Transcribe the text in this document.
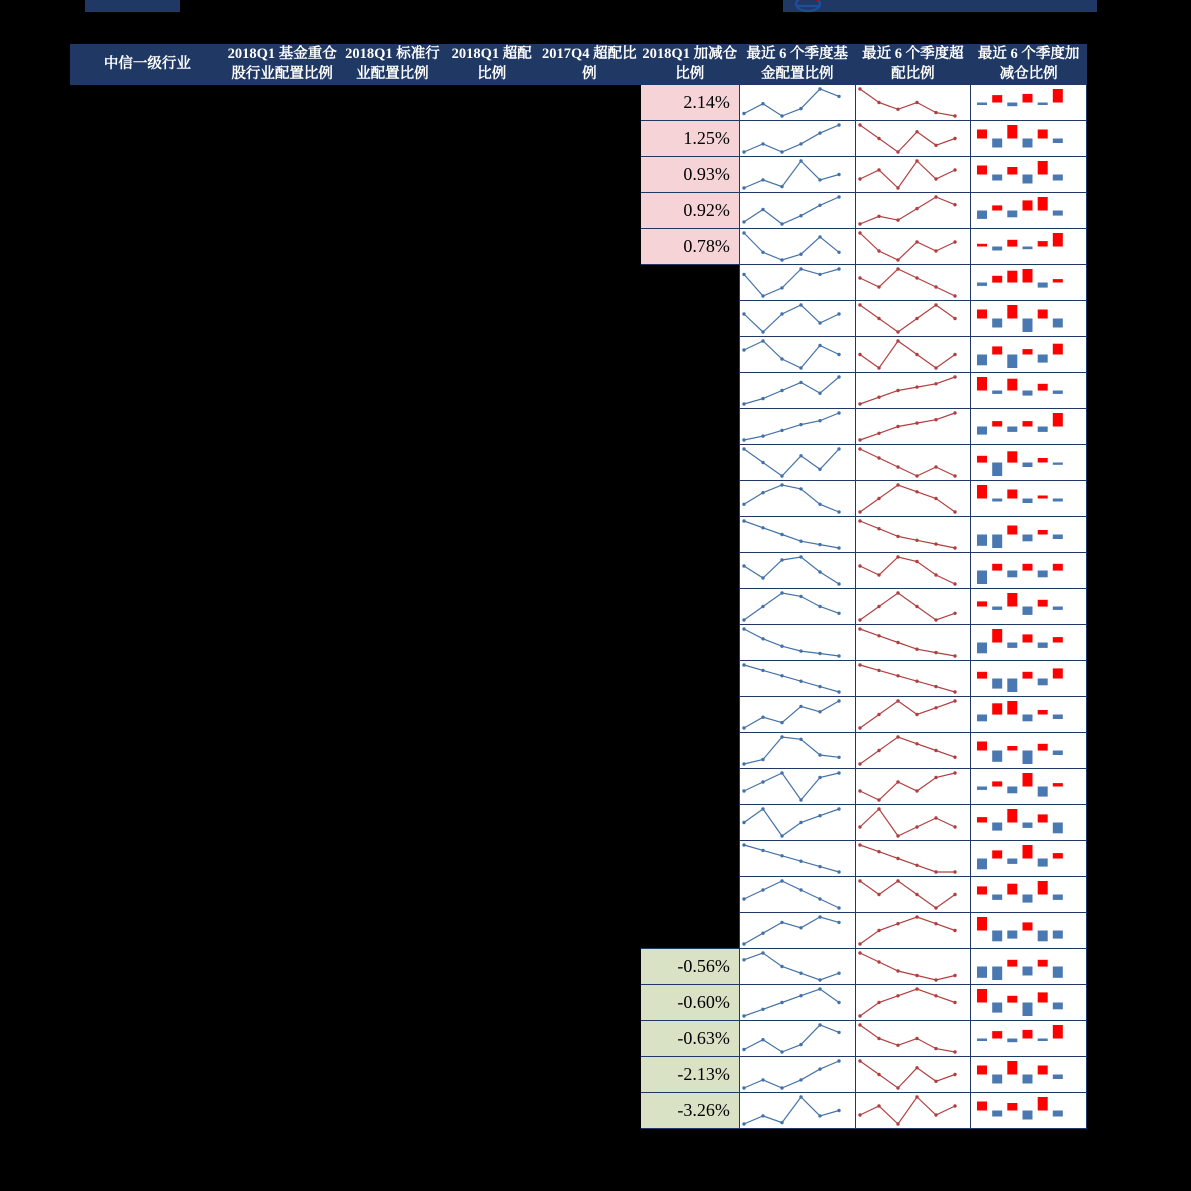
中信一级行业	2018Q1 基金重仓股行业配置比例	2018Q1 标准行业配置比例	2018Q1 超配比例	2017Q4 超配比例	2018Q1 加减仓比例	最近 6 个季度基金配置比例	最近 6 个季度超配比例	最近 6 个季度加减仓比例
					2.14%	

					1.25%	

					0.93%	

					0.92%	

					0.78%	

					-0.56%	

					-0.60%	

					-0.63%	

					-2.13%	

					-3.26%	
